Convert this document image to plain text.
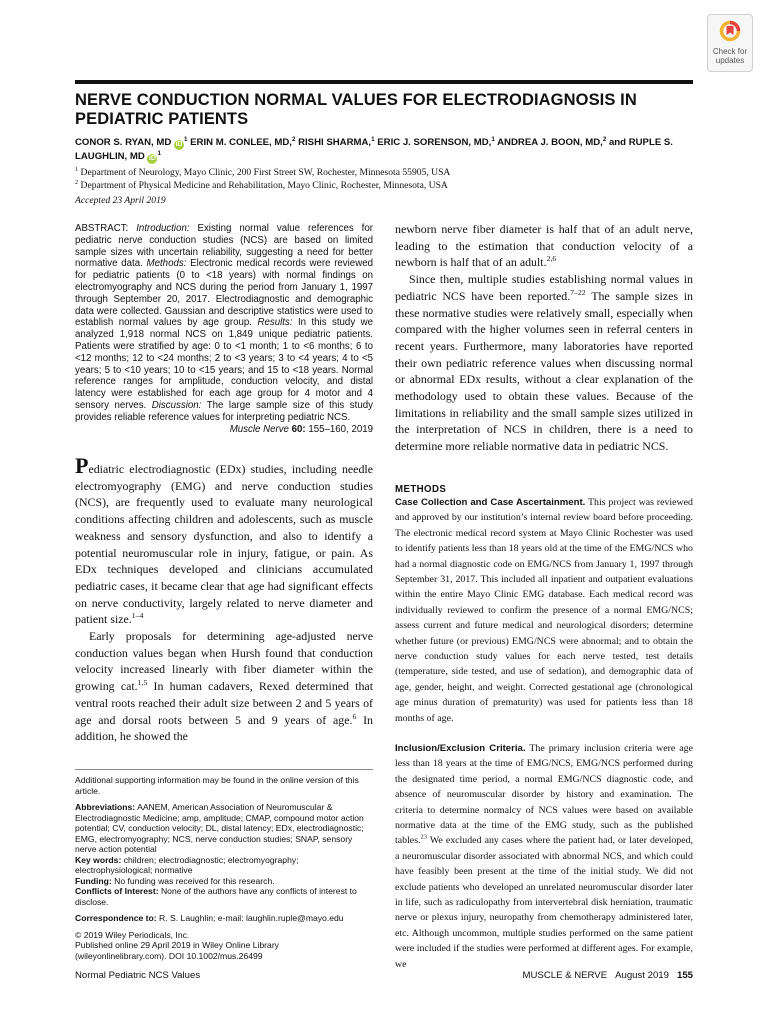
Check for
updates
NERVE CONDUCTION NORMAL VALUES FOR ELECTRODIAGNOSIS IN PEDIATRIC PATIENTS
CONOR S. RYAN, MD $iD^1$ ERIN M. CONLEE, MD,$^2$ RISHI SHARMA,$^1$ ERIC J. SORENSON, MD,$^1$ ANDREA J. BOON, MD,$^2$ and RUPLE S. LAUGHLIN, MD $iD^1$
$^1$ Department of Neurology, Mayo Clinic, 200 First Street SW, Rochester, Minnesota 55905, USA
$^2$ Department of Physical Medicine and Rehabilitation, Mayo Clinic, Rochester, Minnesota, USA
Accepted 23 April 2019
ABSTRACT: Introduction: Existing normal value references for pediatric nerve conduction studies (NCS) are based on limited sample sizes with uncertain reliability, suggesting a need for better normative data. Methods: Electronic medical records were reviewed for pediatric patients (0 to <18 years) with normal findings on electromyography and NCS during the period from January 1, 1997 through September 20, 2017. Electrodiagnostic and demographic data were collected. Gaussian and descriptive statistics were used to establish normal values by age group. Results: In this study we analyzed 1,918 normal NCS on 1,849 unique pediatric patients. Patients were stratified by age: 0 to <1 month; 1 to <6 months; 6 to <12 months; 12 to <24 months; 2 to <3 years; 3 to <4 years; 4 to <5 years; 5 to <10 years; 10 to <15 years; and 15 to <18 years. Normal reference ranges for amplitude, conduction velocity, and distal latency were established for each age group for 4 motor and 4 sensory nerves. Discussion: The large sample size of this study provides reliable reference values for interpreting pediatric NCS.
Muscle Nerve 60: 155–160, 2019

Pediatric electrodiagnostic (EDx) studies, including needle electromyography (EMG) and nerve conduction studies (NCS), are frequently used to evaluate many neurological conditions affecting children and adolescents, such as muscle weakness and sensory dysfunction, and also to identify a potential neuromuscular role in injury, fatigue, or pain. As EDx techniques developed and clinicians accumulated pediatric cases, it became clear that age had significant effects on nerve conductivity, largely related to nerve diameter and patient size.$^{1-4}$

Early proposals for determining age-adjusted nerve conduction values began when Hursh found that conduction velocity increased linearly with fiber diameter within the growing cat.$^{1,5}$ In human cadavers, Rexed determined that ventral roots reached their adult size between 2 and 5 years of age and dorsal roots between 5 and 9 years of age.$^6$ In addition, he showed the

Additional supporting information may be found in the online version of this article.

Abbreviations: AANEM, American Association of Neuromuscular & Electrodiagnostic Medicine; amp, amplitude; CMAP, compound motor action potential; CV, conduction velocity; DL, distal latency; EDx, electrodiagnostic; EMG, electromyography; NCS, nerve conduction studies; SNAP, sensory nerve action potential

Key words: children; electrodiagnostic; electromyography; electrophysiological; normative

Funding: No funding was received for this research.

Conflicts of Interest: None of the authors have any conflicts of interest to disclose.

Correspondence to: R. S. Laughlin; e-mail: laughlin.ruple@mayo.edu

© 2019 Wiley Periodicals, Inc.

Published online 29 April 2019 in Wiley Online Library

(wileyonlinelibrary.com). DOI 10.1002/mus.26499

newborn nerve fiber diameter is half that of an adult nerve, leading to the estimation that conduction velocity of a newborn is half that of an adult.$^{2,6}$

Since then, multiple studies establishing normal values in pediatric NCS have been reported.$^{7-22}$ The sample sizes in these normative studies were relatively small, especially when compared with the higher volumes seen in referral centers in recent years. Furthermore, many laboratories have reported their own pediatric reference values when discussing normal or abnormal EDx results, without a clear explanation of the methodology used to obtain these values. Because of the limitations in reliability and the small sample sizes utilized in the interpretation of NCS in children, there is a need to determine more reliable normative data in pediatric NCS.

METHODS

Case Collection and Case Ascertainment. This project was reviewed and approved by our institution’s internal review board before proceeding. The electronic medical record system at Mayo Clinic Rochester was used to identify patients less than 18 years old at the time of the EMG/NCS who had a normal diagnostic code on EMG/NCS from January 1, 1997 through September 31, 2017. This included all inpatient and outpatient evaluations within the entire Mayo Clinic EMG database. Each medical record was individually reviewed to confirm the presence of a normal EMG/NCS; assess current and future medical and neurological disorders; determine whether future (or previous) EMG/NCS were abnormal; and to obtain the nerve conduction study values for each nerve tested, test details (temperature, side tested, and use of sedation), and demographic data of age, gender, height, and weight. Corrected gestational age (chronological age minus duration of prematurity) was used for patients less than 18 months of age.

Inclusion/Exclusion Criteria. The primary inclusion criteria were age less than 18 years at the time of EMG/NCS, EMG/NCS performed during the designated time period, a normal EMG/NCS diagnostic code, and absence of neuromuscular disorder by history and examination. The criteria to determine normalcy of NCS values were based on available normative data at the time of the EMG study, such as the published tables.$^{23}$ We excluded any cases where the patient had, or later developed, a neuromuscular disorder associated with abnormal NCS, and which could have feasibly been present at the time of the initial study. We did not exclude patients who developed an unrelated neuromuscular disorder later in life, such as radiculopathy from intervertebral disk herniation, traumatic nerve or plexus injury, neuropathy from chemotherapy administered later, etc. Although uncommon, multiple studies performed on the same patient were included if the studies were performed at different ages. For example, we

Normal Pediatric NCS Values	MUSCLE & NERVE August 2019 155
